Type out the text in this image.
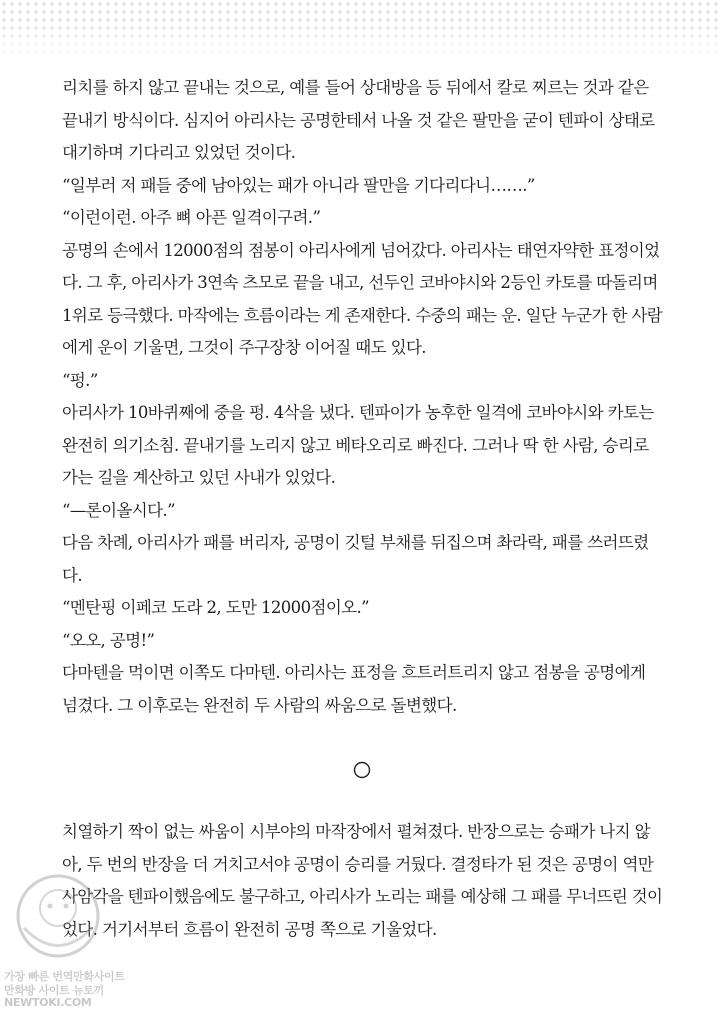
리치를 하지 않고 끝내는 것으로, 예를 들어 상대방을 등 뒤에서 칼로 찌르는 것과 같은
끝내기 방식이다. 심지어 아리사는 공명한테서 나올 것 같은 팔만을 굳이 텐파이 상태로
대기하며 기다리고 있었던 것이다.
“일부러 저 패들 중에 남아있는 패가 아니라 팔만을 기다리다니…….”
“이런이런. 아주 뼈 아픈 일격이구려.”
공명의 손에서 12000점의 점봉이 아리사에게 넘어갔다. 아리사는 태연자약한 표정이었
다. 그 후, 아리사가 3연속 츠모로 끝을 내고, 선두인 코바야시와 2등인 카토를 따돌리며
1위로 등극했다. 마작에는 흐름이라는 게 존재한다. 수중의 패는 운. 일단 누군가 한 사람
에게 운이 기울면, 그것이 주구장창 이어질 때도 있다.
“펑.”
아리사가 10바퀴째에 중을 펑. 4삭을 냈다. 텐파이가 농후한 일격에 코바야시와 카토는
완전히 의기소침. 끝내기를 노리지 않고 베타오리로 빠진다. 그러나 딱 한 사람, 승리로
가는 길을 계산하고 있던 사내가 있었다.
“—론이올시다.”
다음 차례, 아리사가 패를 버리자, 공명이 깃털 부채를 뒤집으며 촤라락, 패를 쓰러뜨렸
다.
“멘탄핑 이페코 도라 2, 도만 12000점이오.”
“오오, 공명!”
다마텐을 먹이면 이쪽도 다마텐. 아리사는 표정을 흐트러트리지 않고 점봉을 공명에게
넘겼다. 그 이후로는 완전히 두 사람의 싸움으로 돌변했다.
치열하기 짝이 없는 싸움이 시부야의 마작장에서 펼쳐졌다. 반장으로는 승패가 나지 않
아, 두 번의 반장을 더 거치고서야 공명이 승리를 거뒀다. 결정타가 된 것은 공명이 역만
사암각을 텐파이했음에도 불구하고, 아리사가 노리는 패를 예상해 그 패를 무너뜨린 것이
었다. 거기서부터 흐름이 완전히 공명 쪽으로 기울었다.
가장 빠른 번역만화사이트
만화방 사이트 뉴토끼
NEWTOKI.COM
